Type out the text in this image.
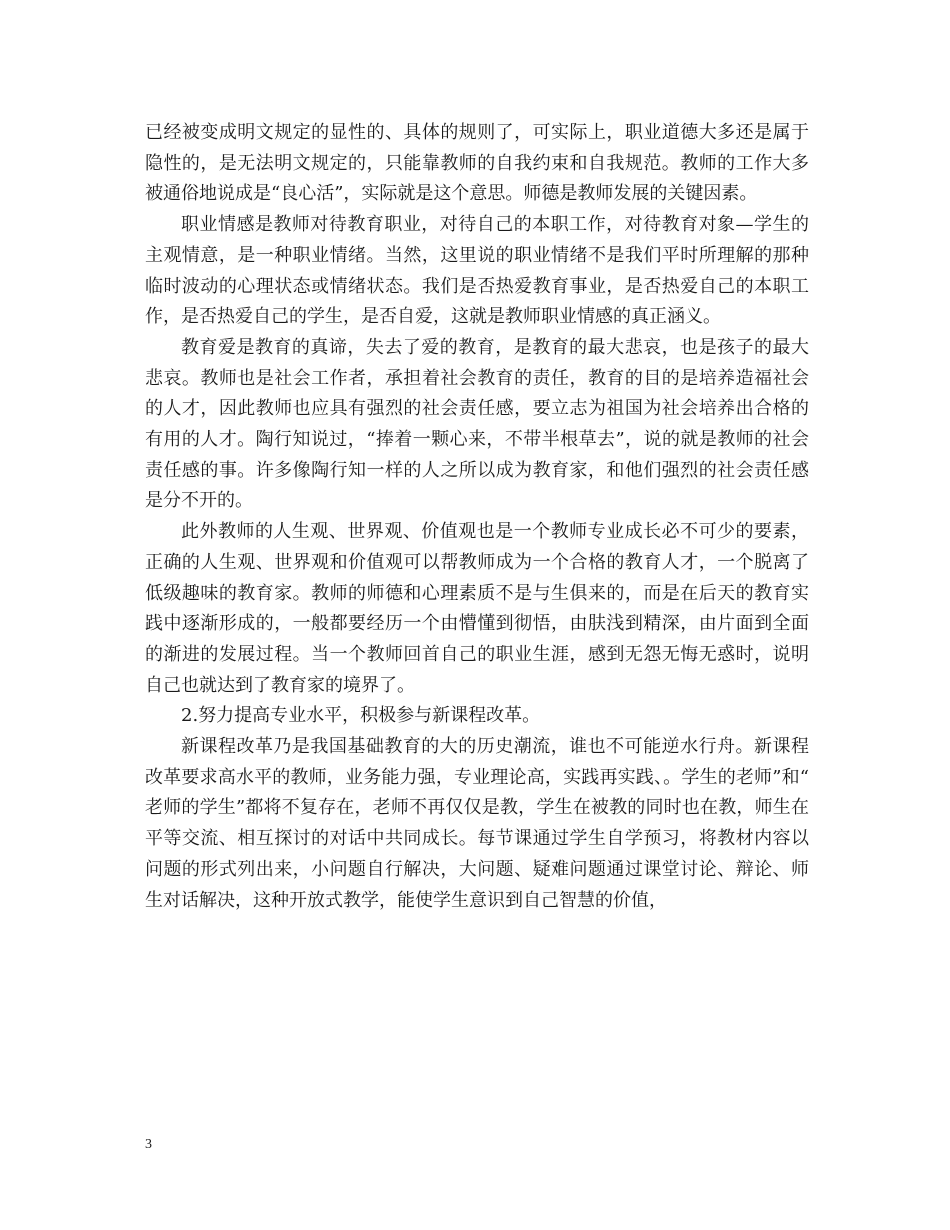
已经被变成明文规定的显性的、具体的规则了，可实际上，职业道德大多还是属于隐性的，是无法明文规定的，只能靠教师的自我约束和自我规范。教师的工作大多被通俗地说成是“良心活”，实际就是这个意思。师德是教师发展的关键因素。

职业情感是教师对待教育职业，对待自己的本职工作，对待教育对象—学生的主观情意，是一种职业情绪。当然，这里说的职业情绪不是我们平时所理解的那种临时波动的心理状态或情绪状态。我们是否热爱教育事业，是否热爱自己的本职工作，是否热爱自己的学生，是否自爱，这就是教师职业情感的真正涵义。

教育爱是教育的真谛，失去了爱的教育，是教育的最大悲哀，也是孩子的最大悲哀。教师也是社会工作者，承担着社会教育的责任，教育的目的是培养造福社会的人才，因此教师也应具有强烈的社会责任感，要立志为祖国为社会培养出合格的有用的人才。陶行知说过，“捧着一颗心来，不带半根草去”，说的就是教师的社会责任感的事。许多像陶行知一样的人之所以成为教育家，和他们强烈的社会责任感是分不开的。

此外教师的人生观、世界观、价值观也是一个教师专业成长必不可少的要素，正确的人生观、世界观和价值观可以帮教师成为一个合格的教育人才，一个脱离了低级趣味的教育家。教师的师德和心理素质不是与生俱来的，而是在后天的教育实践中逐渐形成的，一般都要经历一个由懵懂到彻悟，由肤浅到精深，由片面到全面的渐进的发展过程。当一个教师回首自己的职业生涯，感到无怨无悔无惑时，说明自己也就达到了教育家的境界了。

2.努力提高专业水平，积极参与新课程改革。

新课程改革乃是我国基础教育的大的历史潮流，谁也不可能逆水行舟。新课程改革要求高水平的教师，业务能力强，专业理论高，实践再实践、。学生的老师”和“老师的学生”都将不复存在，老师不再仅仅是教，学生在被教的同时也在教，师生在平等交流、相互探讨的对话中共同成长。每节课通过学生自学预习，将教材内容以问题的形式列出来，小问题自行解决，大问题、疑难问题通过课堂讨论、辩论、师生对话解决，这种开放式教学，能使学生意识到自己智慧的价值，

3
